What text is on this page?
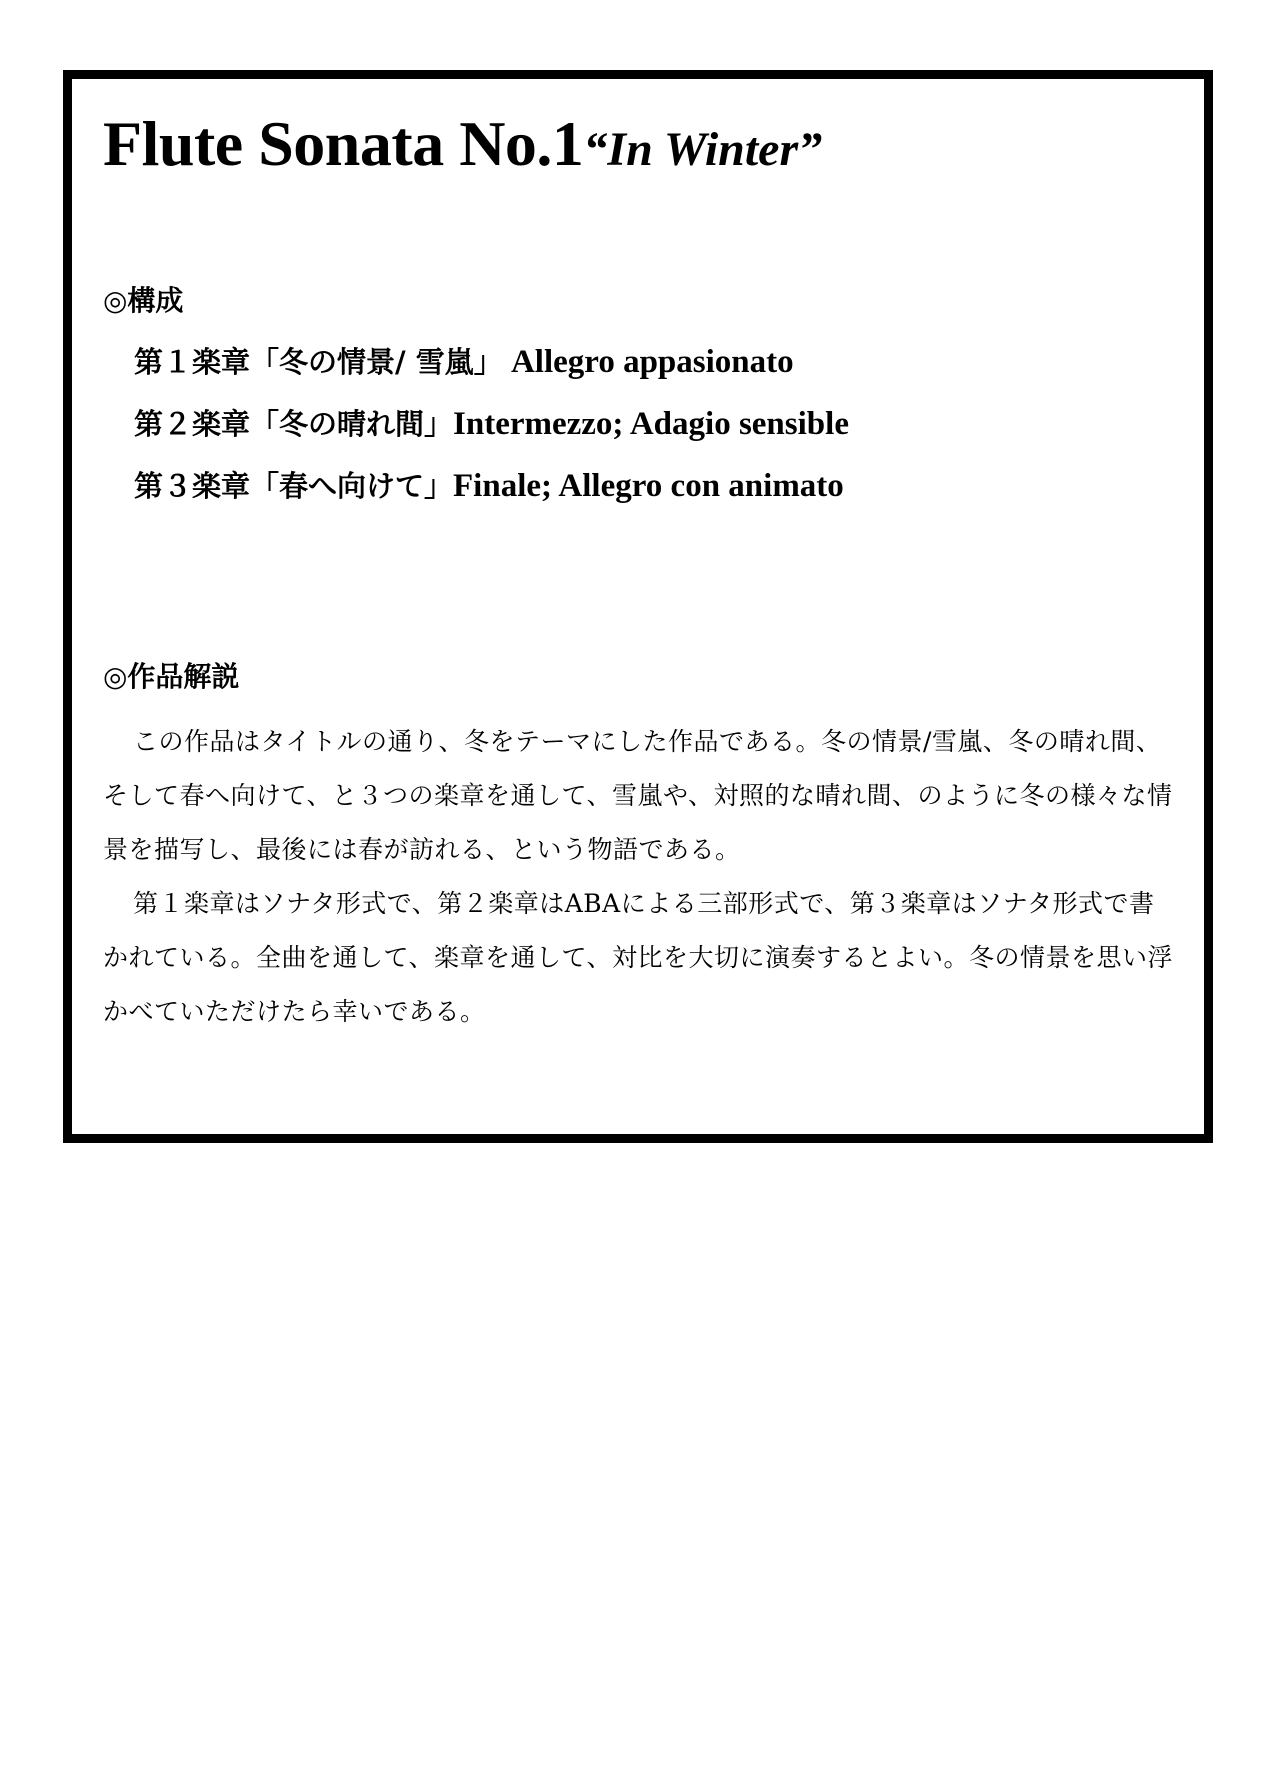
Flute Sonata No.1“In Winter”
◎構成
第１楽章「冬の情景/ 雪嵐」 Allegro appasionato
第２楽章「冬の晴れ間」Intermezzo; Adagio sensible
第３楽章「春へ向けて」Finale; Allegro con animato
◎作品解説

この作品はタイトルの通り、冬をテーマにした作品である。冬の情景/雪嵐、冬の晴れ間、そして春へ向けて、と３つの楽章を通して、雪嵐や、対照的な晴れ間、のように冬の様々な情景を描写し、最後には春が訪れる、という物語である。

第１楽章はソナタ形式で、第２楽章はABAによる三部形式で、第３楽章はソナタ形式で書かれている。全曲を通して、楽章を通して、対比を大切に演奏するとよい。冬の情景を思い浮かべていただけたら幸いである。
